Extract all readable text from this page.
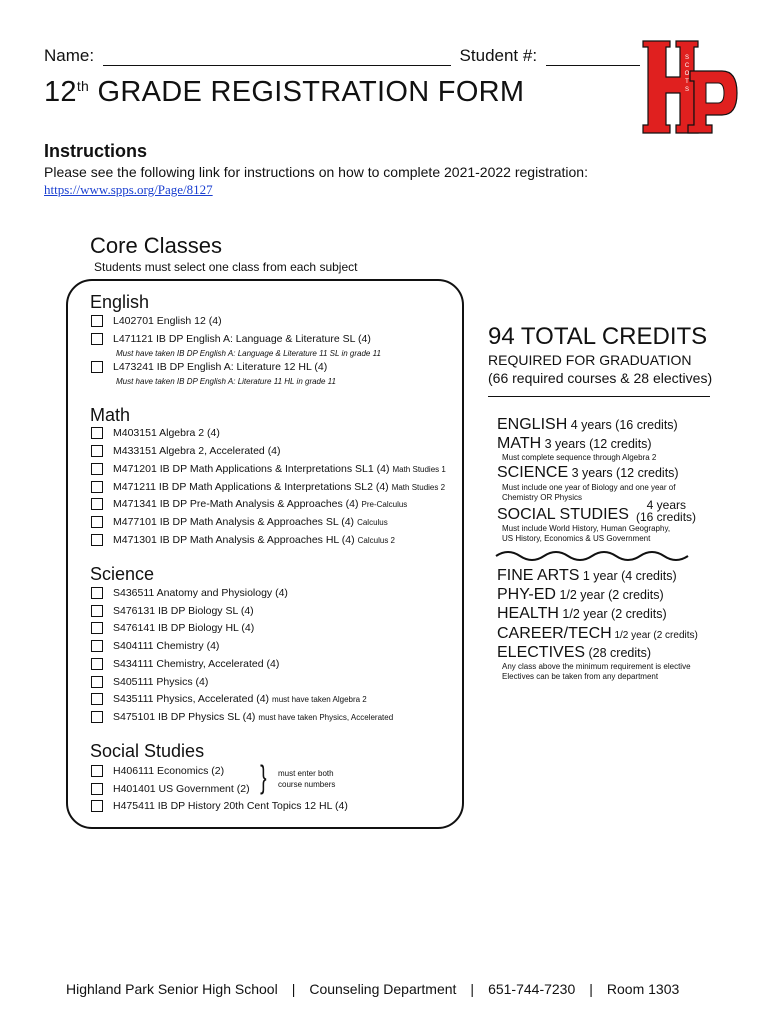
Name:	Student #:
12th GRADE REGISTRATION FORM
S
C
O
T
S
Instructions
Please see the following link for instructions on how to complete 2021-2022 registration:
https://www.spps.org/Page/8127
Core Classes
Students must select one class from each subject
English
L402701 English 12 (4)
L471121 IB DP English A: Language & Literature SL (4)
Must have taken IB DP English A: Language & Literature 11 SL in grade 11
L473241 IB DP English A: Literature 12 HL (4)
Must have taken IB DP English A: Literature 11 HL in grade 11
Math
M403151 Algebra 2 (4)
M433151 Algebra 2, Accelerated (4)
M471201 IB DP Math Applications & Interpretations SL1 (4) Math Studies 1
M471211 IB DP Math Applications & Interpretations SL2 (4) Math Studies 2
M471341 IB DP Pre-Math Analysis & Approaches (4) Pre-Calculus
M477101 IB DP Math Analysis & Approaches SL (4) Calculus
M471301 IB DP Math Analysis & Approaches HL (4) Calculus 2
Science
S436511 Anatomy and Physiology (4)
S476131 IB DP Biology SL (4)
S476141 IB DP Biology HL (4)
S404111 Chemistry (4)
S434111 Chemistry, Accelerated (4)
S405111 Physics (4)
S435111 Physics, Accelerated (4) must have taken Algebra 2
S475101 IB DP Physics SL (4) must have taken Physics, Accelerated
Social Studies
H406111 Economics (2)
H401401 US Government (2)
H475411 IB DP History 20th Cent Topics 12 HL (4)
} must enter both
course numbers
94 TOTAL CREDITS
REQUIRED FOR GRADUATION
(66 required courses & 28 electives)
ENGLISH 4 years (16 credits)
MATH 3 years (12 credits)
Must complete sequence through Algebra 2
SCIENCE 3 years (12 credits)
Must include one year of Biology and one year of
Chemistry OR Physics
SOCIAL STUDIES
4 years
(16 credits)
Must include World History, Human Geography,
US History, Economics & US Government
FINE ARTS 1 year (4 credits)
PHY-ED 1/2 year (2 credits)
HEALTH 1/2 year (2 credits)
CAREER/TECH 1/2 year (2 credits)
ELECTIVES (28 credits)
Any class above the minimum requirement is elective
Electives can be taken from any department
Highland Park Senior High School | Counseling Department | 651-744-7230 | Room 1303
